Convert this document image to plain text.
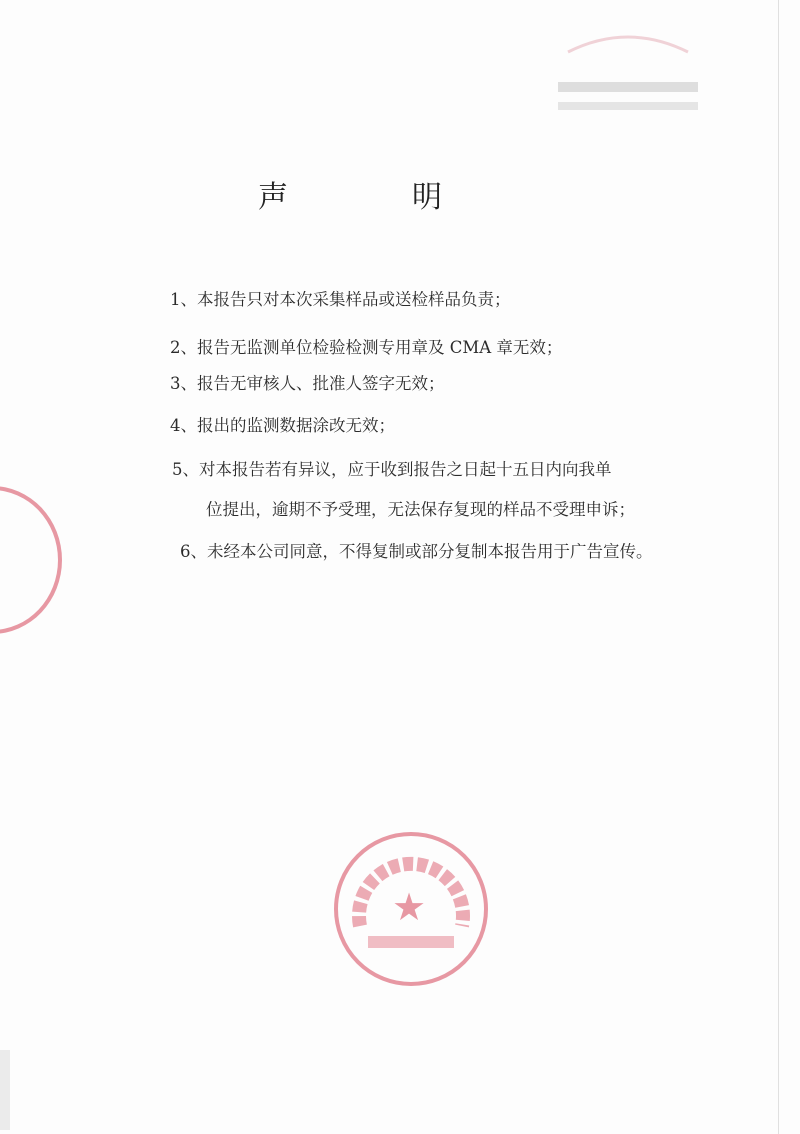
声	明
1、本报告只对本次采集样品或送检样品负责；
2、报告无监测单位检验检测专用章及 CMA 章无效；
3、报告无审核人、批准人签字无效；
4、报出的监测数据涂改无效；
5、对本报告若有异议，应于收到报告之日起十五日内向我单
位提出，逾期不予受理，无法保存复现的样品不受理申诉；
6、未经本公司同意，不得复制或部分复制本报告用于广告宣传。

★
